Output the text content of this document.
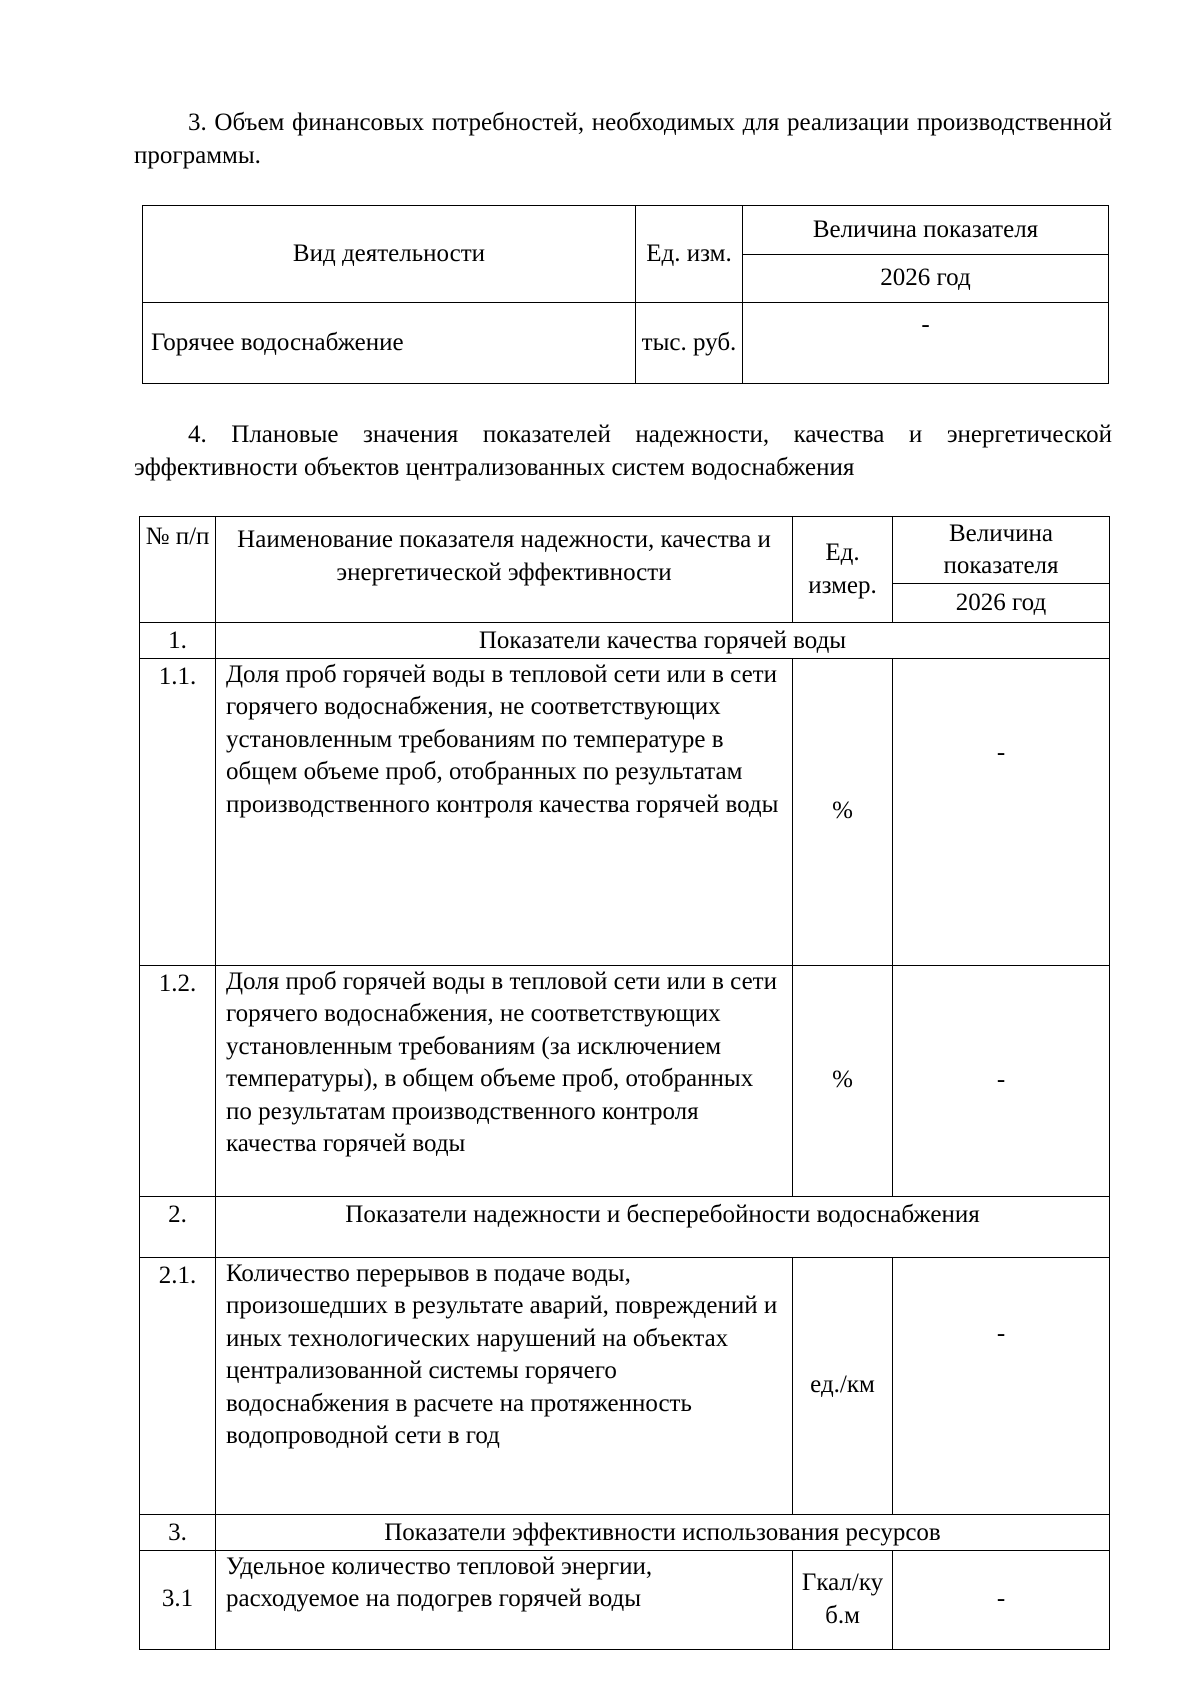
3. Объем финансовых потребностей, необходимых для реализации производственной программы.
Вид деятельности	Ед. изм.	Величина показателя
		2026 год
Горячее водоснабжение	тыс. руб.	-
4. Плановые значения показателей надежности, качества и энергетической эффективности объектов централизованных систем водоснабжения
№ п/п	Наименование показателя надежности, качества и энергетической эффективности	Ед. измер.	Величина показателя
			2026 год
1.	Показатели качества горячей воды		
1.1.	Доля проб горячей воды в тепловой сети или в сети горячего водоснабжения, не соответствующих установленным требованиям по температуре в общем объеме проб, отобранных по результатам производственного контроля качества горячей воды	%	-
1.2.	Доля проб горячей воды в тепловой сети или в сети горячего водоснабжения, не соответствующих установленным требованиям (за исключением температуры), в общем объеме проб, отобранных по результатам производственного контроля качества горячей воды	%	-
2.	Показатели надежности и бесперебойности водоснабжения		
2.1.	Количество перерывов в подаче воды, произошедших в результате аварий, повреждений и иных технологических нарушений на объектах централизованной системы горячего водоснабжения в расчете на протяженность водопроводной сети в год	ед./км	-
3.	Показатели эффективности использования ресурсов		
3.1	Удельное количество тепловой энергии, расходуемое на подогрев горячей воды	Гкал/куб.м	-
